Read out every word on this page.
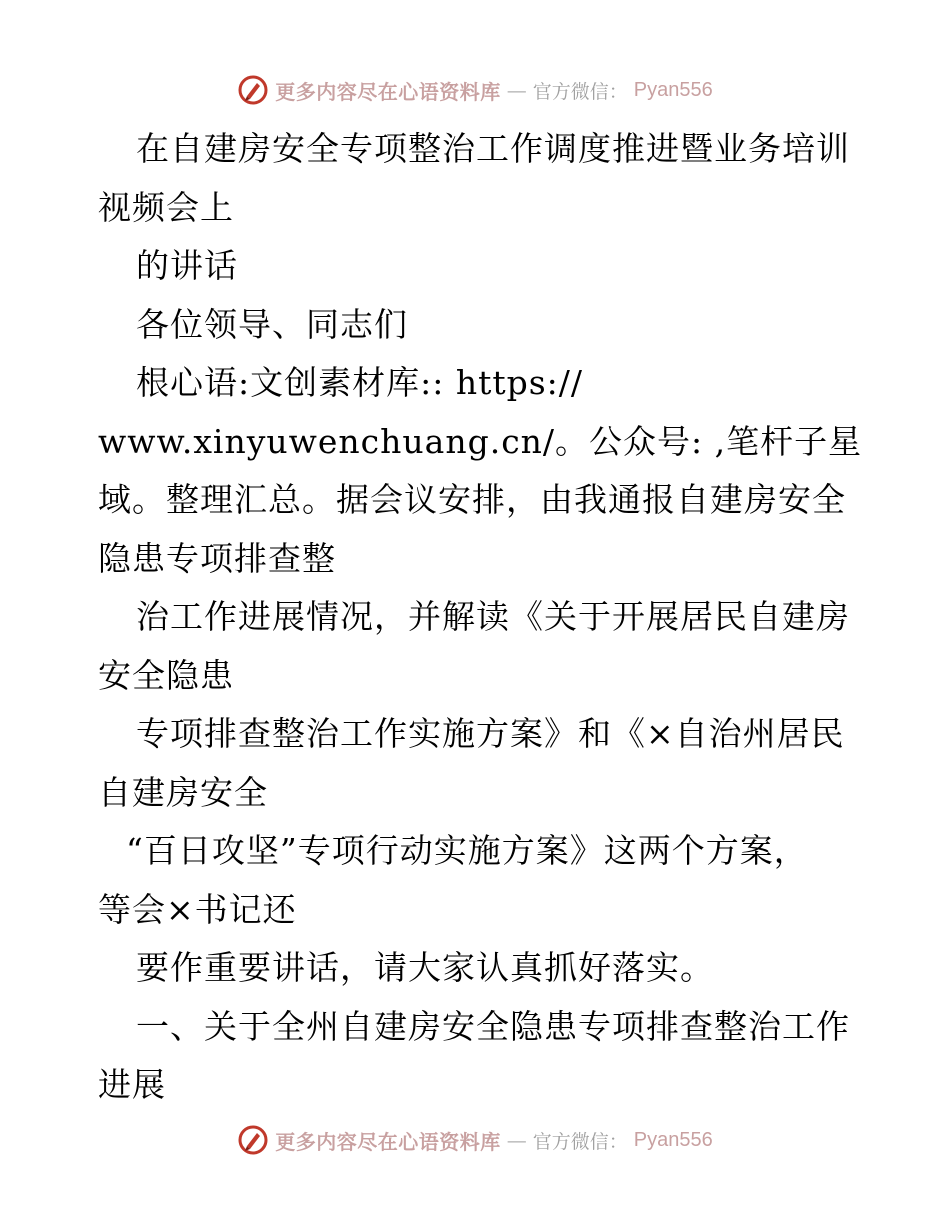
更多内容尽在心语资料库 — 官方微信： Pyan556
在自建房安全专项整治工作调度推进暨业务培训
视频会上
的讲话
各位领导、同志们
根心语:文创素材库:: https://
www.xinyuwenchuang.cn/。公众号: ,笔杆子星
域。整理汇总。据会议安排，由我通报自建房安全
隐患专项排查整
治工作进展情况，并解读《关于开展居民自建房
安全隐患
专项排查整治工作实施方案》和《×自治州居民
自建房安全
“百日攻坚”专项行动实施方案》这两个方案，
等会×书记还
要作重要讲话，请大家认真抓好落实。
一、关于全州自建房安全隐患专项排查整治工作
进展
更多内容尽在心语资料库 — 官方微信： Pyan556
